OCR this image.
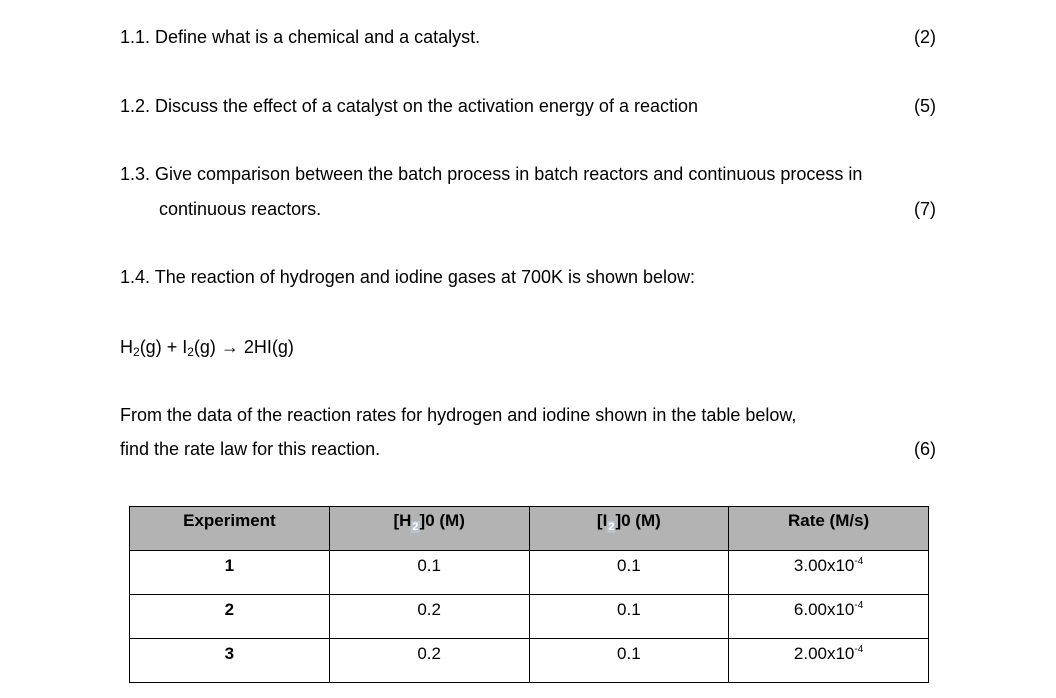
1.1. Define what is a chemical and a catalyst.	(2)
1.2. Discuss the effect of a catalyst on the activation energy of a reaction	(5)
1.3. Give comparison between the batch process in batch reactors and continuous process in
continuous reactors.	(7)
1.4. The reaction of hydrogen and iodine gases at 700K is shown below:
$H_2(g) + I_2(g) \to 2HI(g)$
From the data of the reaction rates for hydrogen and iodine shown in the table below,
find the rate law for this reaction.	(6)
Experiment	[H2]0 (M)	[I2]0 (M)	Rate (M/s)
1	0.1	0.1	$3.00x10^{-4}$
2	0.2	0.1	$6.00x10^{-4}$
3	0.2	0.1	$2.00x10^{-4}$
